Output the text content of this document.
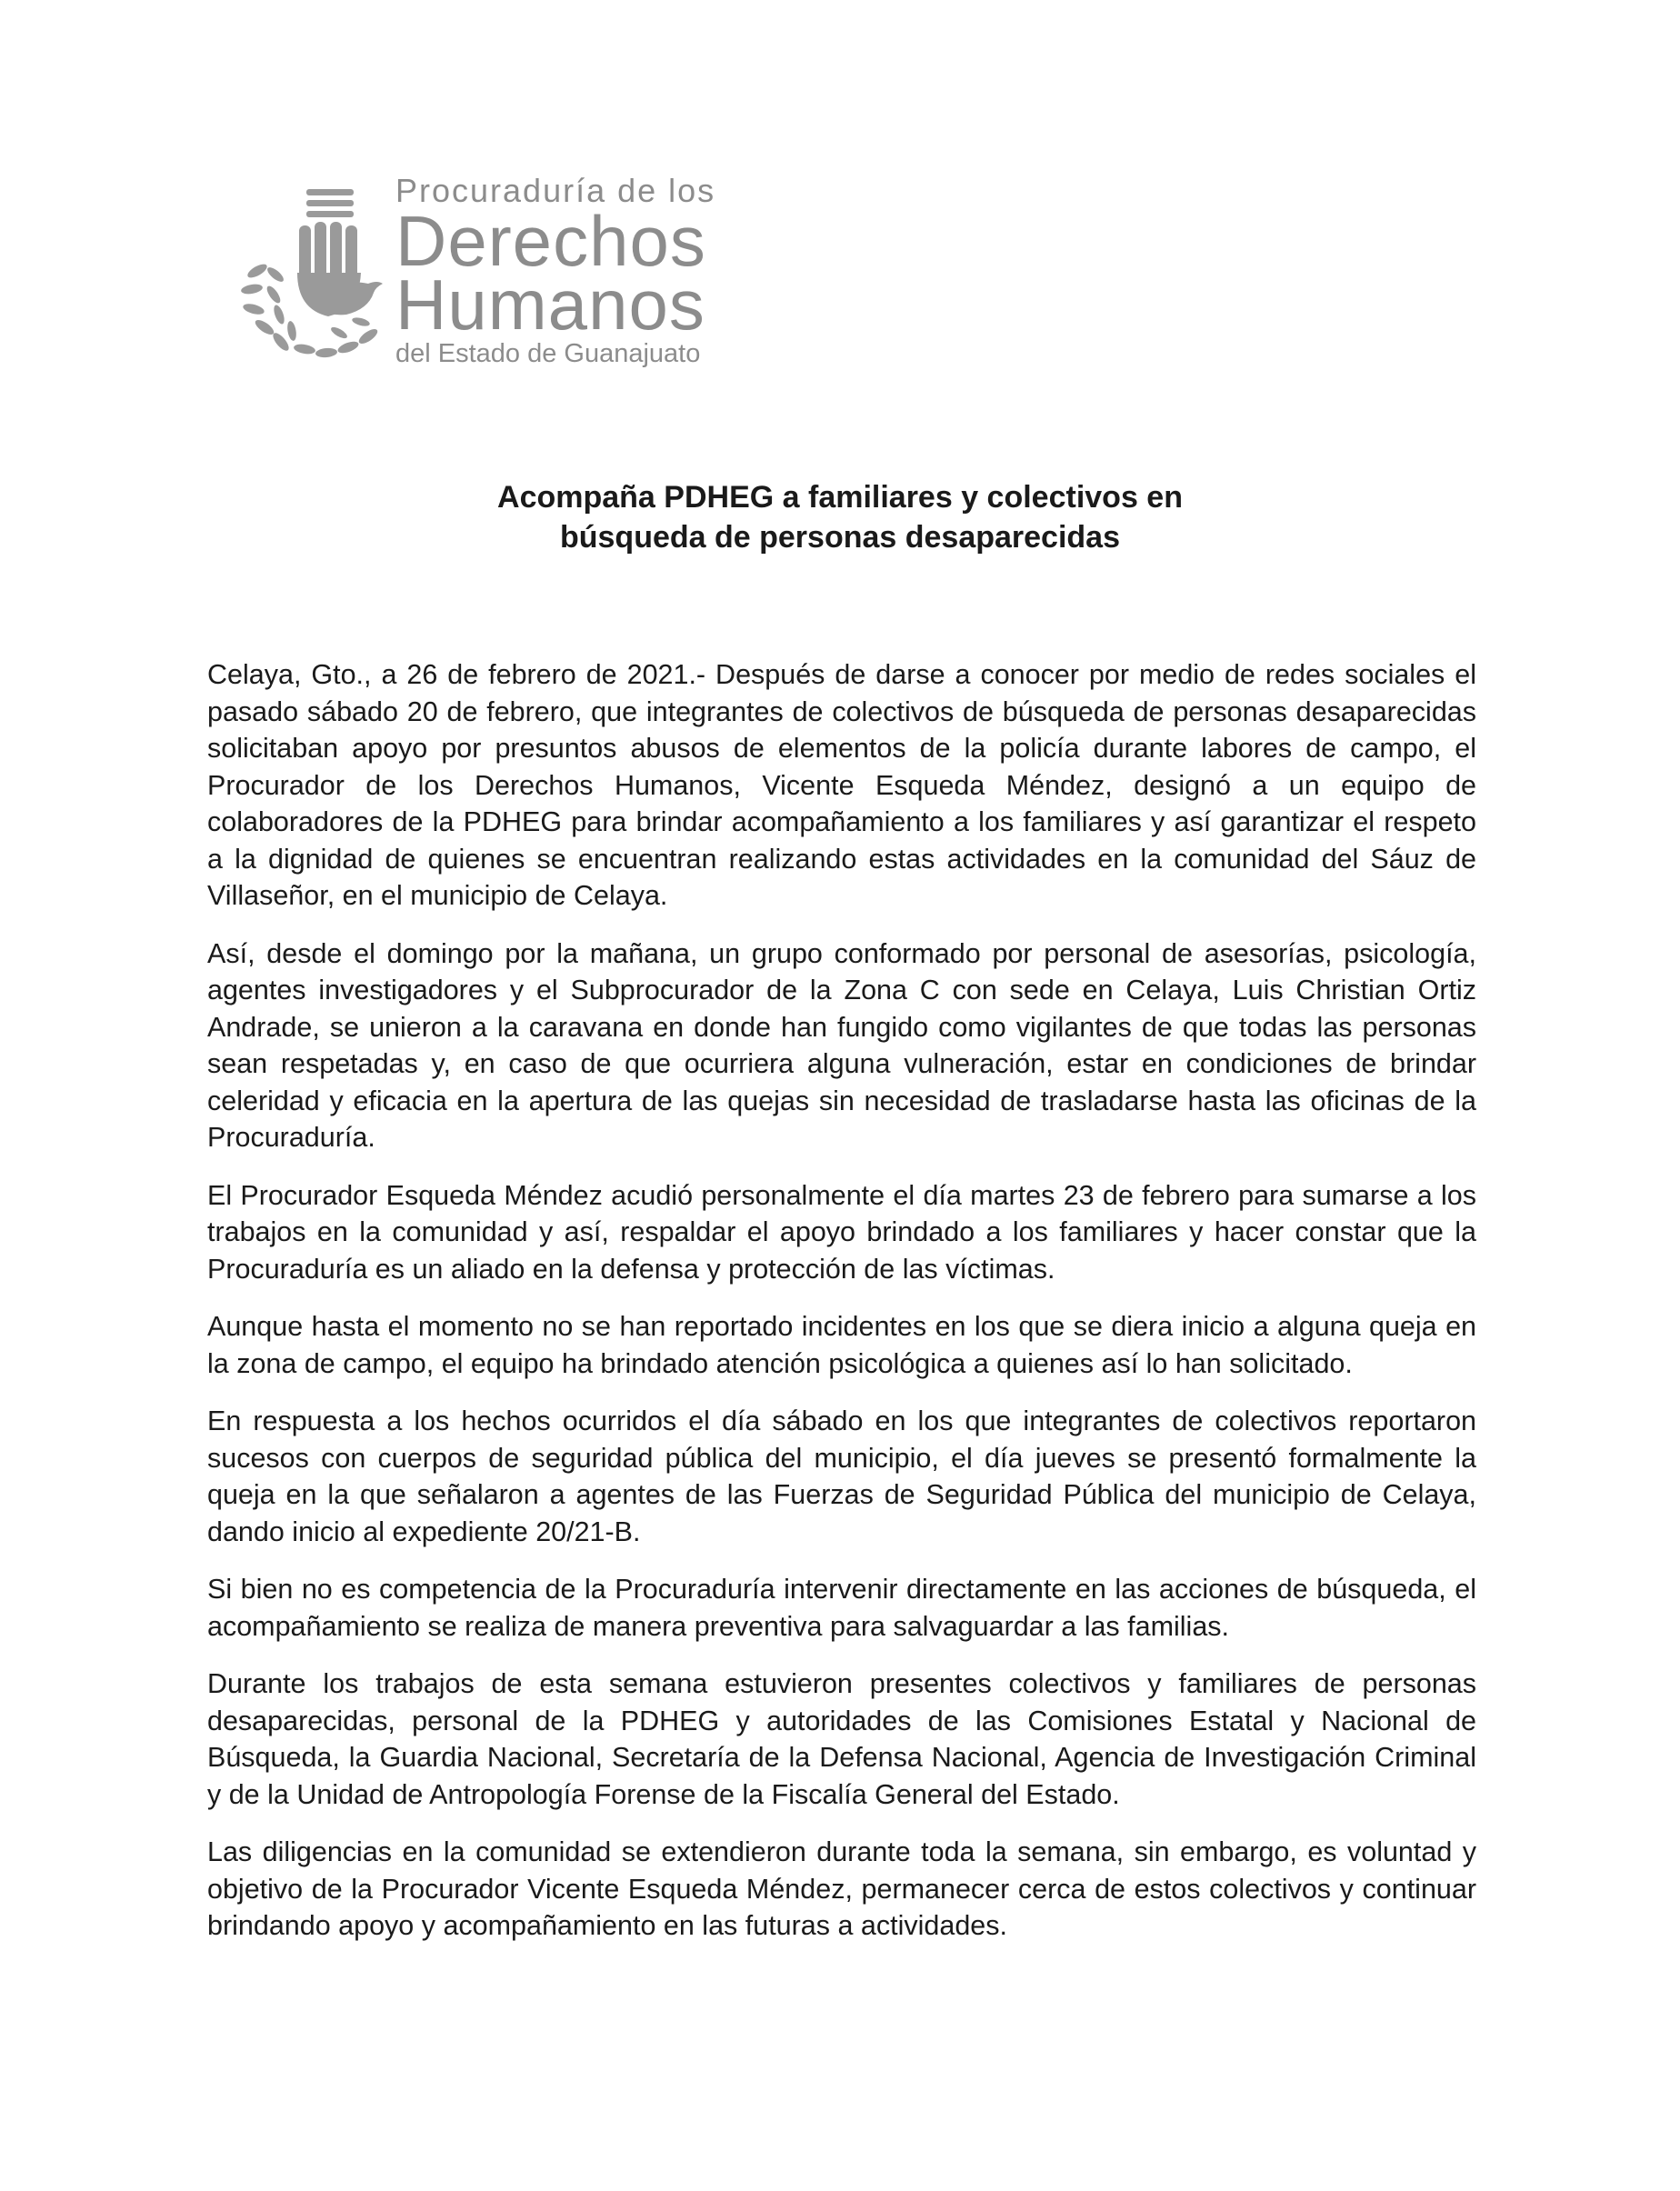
Procuraduría de los
Derechos
Humanos
del Estado de Guanajuato
Acompaña PDHEG a familiares y colectivos en
búsqueda de personas desaparecidas

Celaya, Gto., a 26 de febrero de 2021.- Después de darse a conocer por medio de redes sociales el pasado sábado 20 de febrero, que integrantes de colectivos de búsqueda de personas desaparecidas solicitaban apoyo por presuntos abusos de elementos de la policía durante labores de campo, el Procurador de los Derechos Humanos, Vicente Esqueda Méndez, designó a un equipo de colaboradores de la PDHEG para brindar acompañamiento a los familiares y así garantizar el respeto a la dignidad de quienes se encuentran realizando estas actividades en la comunidad del Sáuz de Villaseñor, en el municipio de Celaya.

Así, desde el domingo por la mañana, un grupo conformado por personal de asesorías, psicología, agentes investigadores y el Subprocurador de la Zona C con sede en Celaya, Luis Christian Ortiz Andrade, se unieron a la caravana en donde han fungido como vigilantes de que todas las personas sean respetadas y, en caso de que ocurriera alguna vulneración, estar en condiciones de brindar celeridad y eficacia en la apertura de las quejas sin necesidad de trasladarse hasta las oficinas de la Procuraduría.

El Procurador Esqueda Méndez acudió personalmente el día martes 23 de febrero para sumarse a los trabajos en la comunidad y así, respaldar el apoyo brindado a los familiares y hacer constar que la Procuraduría es un aliado en la defensa y protección de las víctimas.

Aunque hasta el momento no se han reportado incidentes en los que se diera inicio a alguna queja en la zona de campo, el equipo ha brindado atención psicológica a quienes así lo han solicitado.

En respuesta a los hechos ocurridos el día sábado en los que integrantes de colectivos reportaron sucesos con cuerpos de seguridad pública del municipio, el día jueves se presentó formalmente la queja en la que señalaron a agentes de las Fuerzas de Seguridad Pública del municipio de Celaya, dando inicio al expediente 20/21-B.

Si bien no es competencia de la Procuraduría intervenir directamente en las acciones de búsqueda, el acompañamiento se realiza de manera preventiva para salvaguardar a las familias.

Durante los trabajos de esta semana estuvieron presentes colectivos y familiares de personas desaparecidas, personal de la PDHEG y autoridades de las Comisiones Estatal y Nacional de Búsqueda, la Guardia Nacional, Secretaría de la Defensa Nacional, Agencia de Investigación Criminal y de la Unidad de Antropología Forense de la Fiscalía General del Estado.

Las diligencias en la comunidad se extendieron durante toda la semana, sin embargo, es voluntad y objetivo de la Procurador Vicente Esqueda Méndez, permanecer cerca de estos colectivos y continuar brindando apoyo y acompañamiento en las futuras a actividades.
